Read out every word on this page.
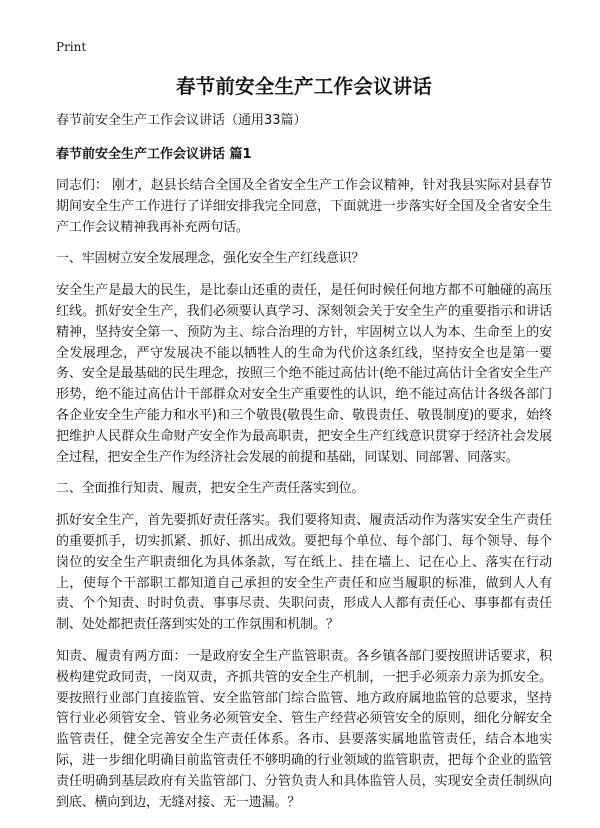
Print
春节前安全生产工作会议讲话
春节前安全生产工作会议讲话（通用33篇）
春节前安全生产工作会议讲话 篇1

同志们： 刚才，赵县长结合全国及全省安全生产工作会议精神，针对我县实际对县春节期间安全生产工作进行了详细安排我完全同意，下面就进一步落实好全国及全省安全生产工作会议精神我再补充两句话。

一、牢固树立安全发展理念，强化安全生产红线意识？

安全生产是最大的民生，是比泰山还重的责任，是任何时候任何地方都不可触碰的高压红线。抓好安全生产，我们必须要认真学习、深刻领会关于安全生产的重要指示和讲话精神，坚持安全第一、预防为主、综合治理的方针，牢固树立以人为本、生命至上的安全发展理念，严守发展决不能以牺牲人的生命为代价这条红线，坚持安全也是第一要务、安全是最基础的民生理念，按照三个绝不能过高估计(绝不能过高估计全省安全生产形势，绝不能过高估计干部群众对安全生产重要性的认识，绝不能过高估计各级各部门各企业安全生产能力和水平)和三个敬畏(敬畏生命、敬畏责任、敬畏制度)的要求，始终把维护人民群众生命财产安全作为最高职责，把安全生产红线意识贯穿于经济社会发展全过程，把安全生产作为经济社会发展的前提和基础，同谋划、同部署、同落实。

二、全面推行知责、履责，把安全生产责任落实到位。

抓好安全生产，首先要抓好责任落实。我们要将知责、履责活动作为落实安全生产责任的重要抓手，切实抓紧、抓好、抓出成效。要把每个单位、每个部门、每个领导、每个岗位的安全生产职责细化为具体条款，写在纸上、挂在墙上、记在心上、落实在行动上，使每个干部职工都知道自己承担的安全生产责任和应当履职的标准，做到人人有责、个个知责、时时负责、事事尽责、失职问责，形成人人都有责任心、事事都有责任制、处处都把责任落到实处的工作氛围和机制。？

知责、履责有两方面：一是政府安全生产监管职责。各乡镇各部门要按照讲话要求，积极构建党政同责，一岗双责，齐抓共管的安全生产机制，一把手必须亲力亲为抓安全。要按照行业部门直接监管、安全监管部门综合监管、地方政府属地监管的总要求，坚持管行业必须管安全、管业务必须管安全、管生产经营必须管安全的原则，细化分解安全监管责任，健全完善安全生产责任体系。各市、县要落实属地监管责任，结合本地实际，进一步细化明确目前监管责任不够明确的行业领域的监管职责，把每个企业的监管责任明确到基层政府有关监管部门、分管负责人和具体监管人员，实现安全责任制纵向到底、横向到边，无缝对接、无一遗漏。？
